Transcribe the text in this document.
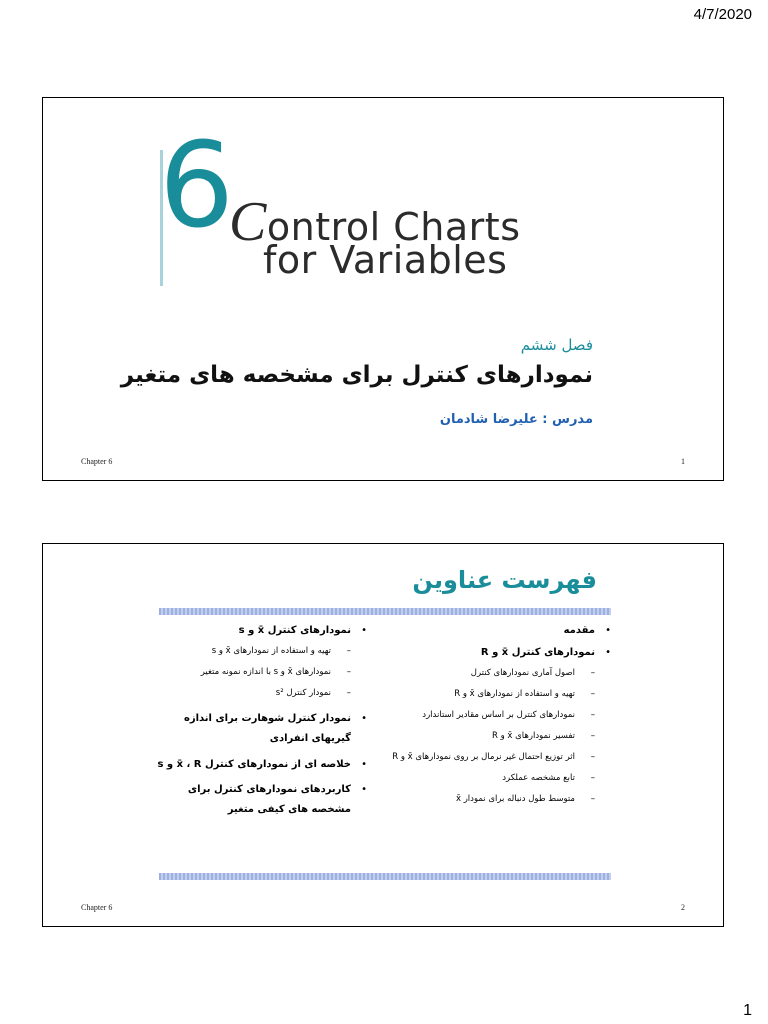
4/7/2020
6
Control Charts
for Variables
فصل ششم
نمودارهای کنترل برای مشخصه های متغیر
مدرس : علیرضا شادمان
Chapter 6	1
فهرست عناوین
• مقدمه
• نمودارهای کنترل x̄ و R
– اصول آماری نمودارهای کنترل
– تهیه و استفاده از نمودارهای x̄ و R
– نمودارهای کنترل بر اساس مقادیر استاندارد
– تفسیر نمودارهای x̄ و R
– اثر توزیع احتمال غیر نرمال بر روی نمودارهای x̄ و R
– تابع مشخصه عملکرد
– متوسط طول دنباله برای نمودار x̄
• نمودارهای کنترل x̄ و s
– تهیه و استفاده از نمودارهای x̄ و s
– نمودارهای x̄ و s با اندازه نمونه متغیر
– نمودار کنترل s²
• نمودار کنترل شوهارت برای اندازه گیریهای انفرادی
• خلاصه ای از نمودارهای کنترل x̄ ، R و s
• کاربردهای نمودارهای کنترل برای مشخصه های کیفی متغیر
Chapter 6	2
1
